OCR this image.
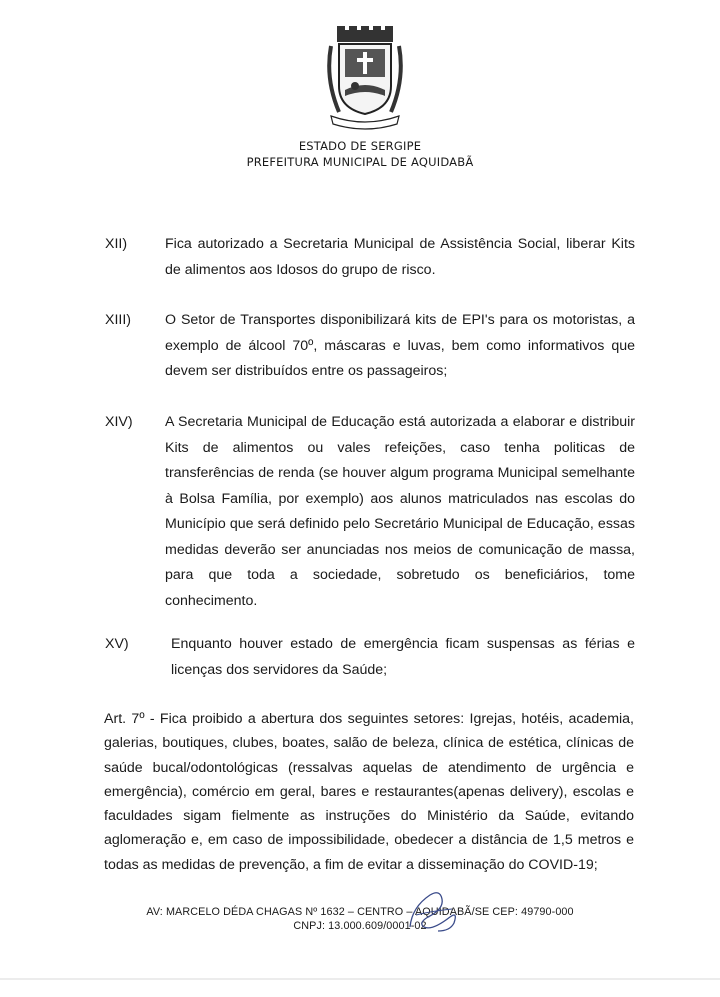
ESTADO DE SERGIPE
PREFEITURA MUNICIPAL DE AQUIDABÃ
XII)	Fica autorizado a Secretaria Municipal de Assistência Social, liberar Kits de alimentos aos Idosos do grupo de risco.
XIII)	O Setor de Transportes disponibilizará kits de EPI's para os motoristas, a exemplo de álcool 70º, máscaras e luvas, bem como informativos que devem ser distribuídos entre os passageiros;
XIV)	A Secretaria Municipal de Educação está autorizada a elaborar e distribuir Kits de alimentos ou vales refeições, caso tenha politicas de transferências de renda (se houver algum programa Municipal semelhante à Bolsa Família, por exemplo) aos alunos matriculados nas escolas do Município que será definido pelo Secretário Municipal de Educação, essas medidas deverão ser anunciadas nos meios de comunicação de massa, para que toda a sociedade, sobretudo os beneficiários, tome conhecimento.
XV)	Enquanto houver estado de emergência ficam suspensas as férias e licenças dos servidores da Saúde;
Art. 7º - Fica proibido a abertura dos seguintes setores: Igrejas, hotéis, academia, galerias, boutiques, clubes, boates, salão de beleza, clínica de estética, clínicas de saúde bucal/odontológicas (ressalvas aquelas de atendimento de urgência e emergência), comércio em geral, bares e restaurantes(apenas delivery), escolas e faculdades sigam fielmente as instruções do Ministério da Saúde, evitando aglomeração e, em caso de impossibilidade, obedecer a distância de 1,5 metros e todas as medidas de prevenção, a fim de evitar a disseminação do COVID-19;
AV: MARCELO DÉDA CHAGAS Nº 1632 – CENTRO – AQUIDABÃ/SE CEP: 49790-000
CNPJ: 13.000.609/0001-02
